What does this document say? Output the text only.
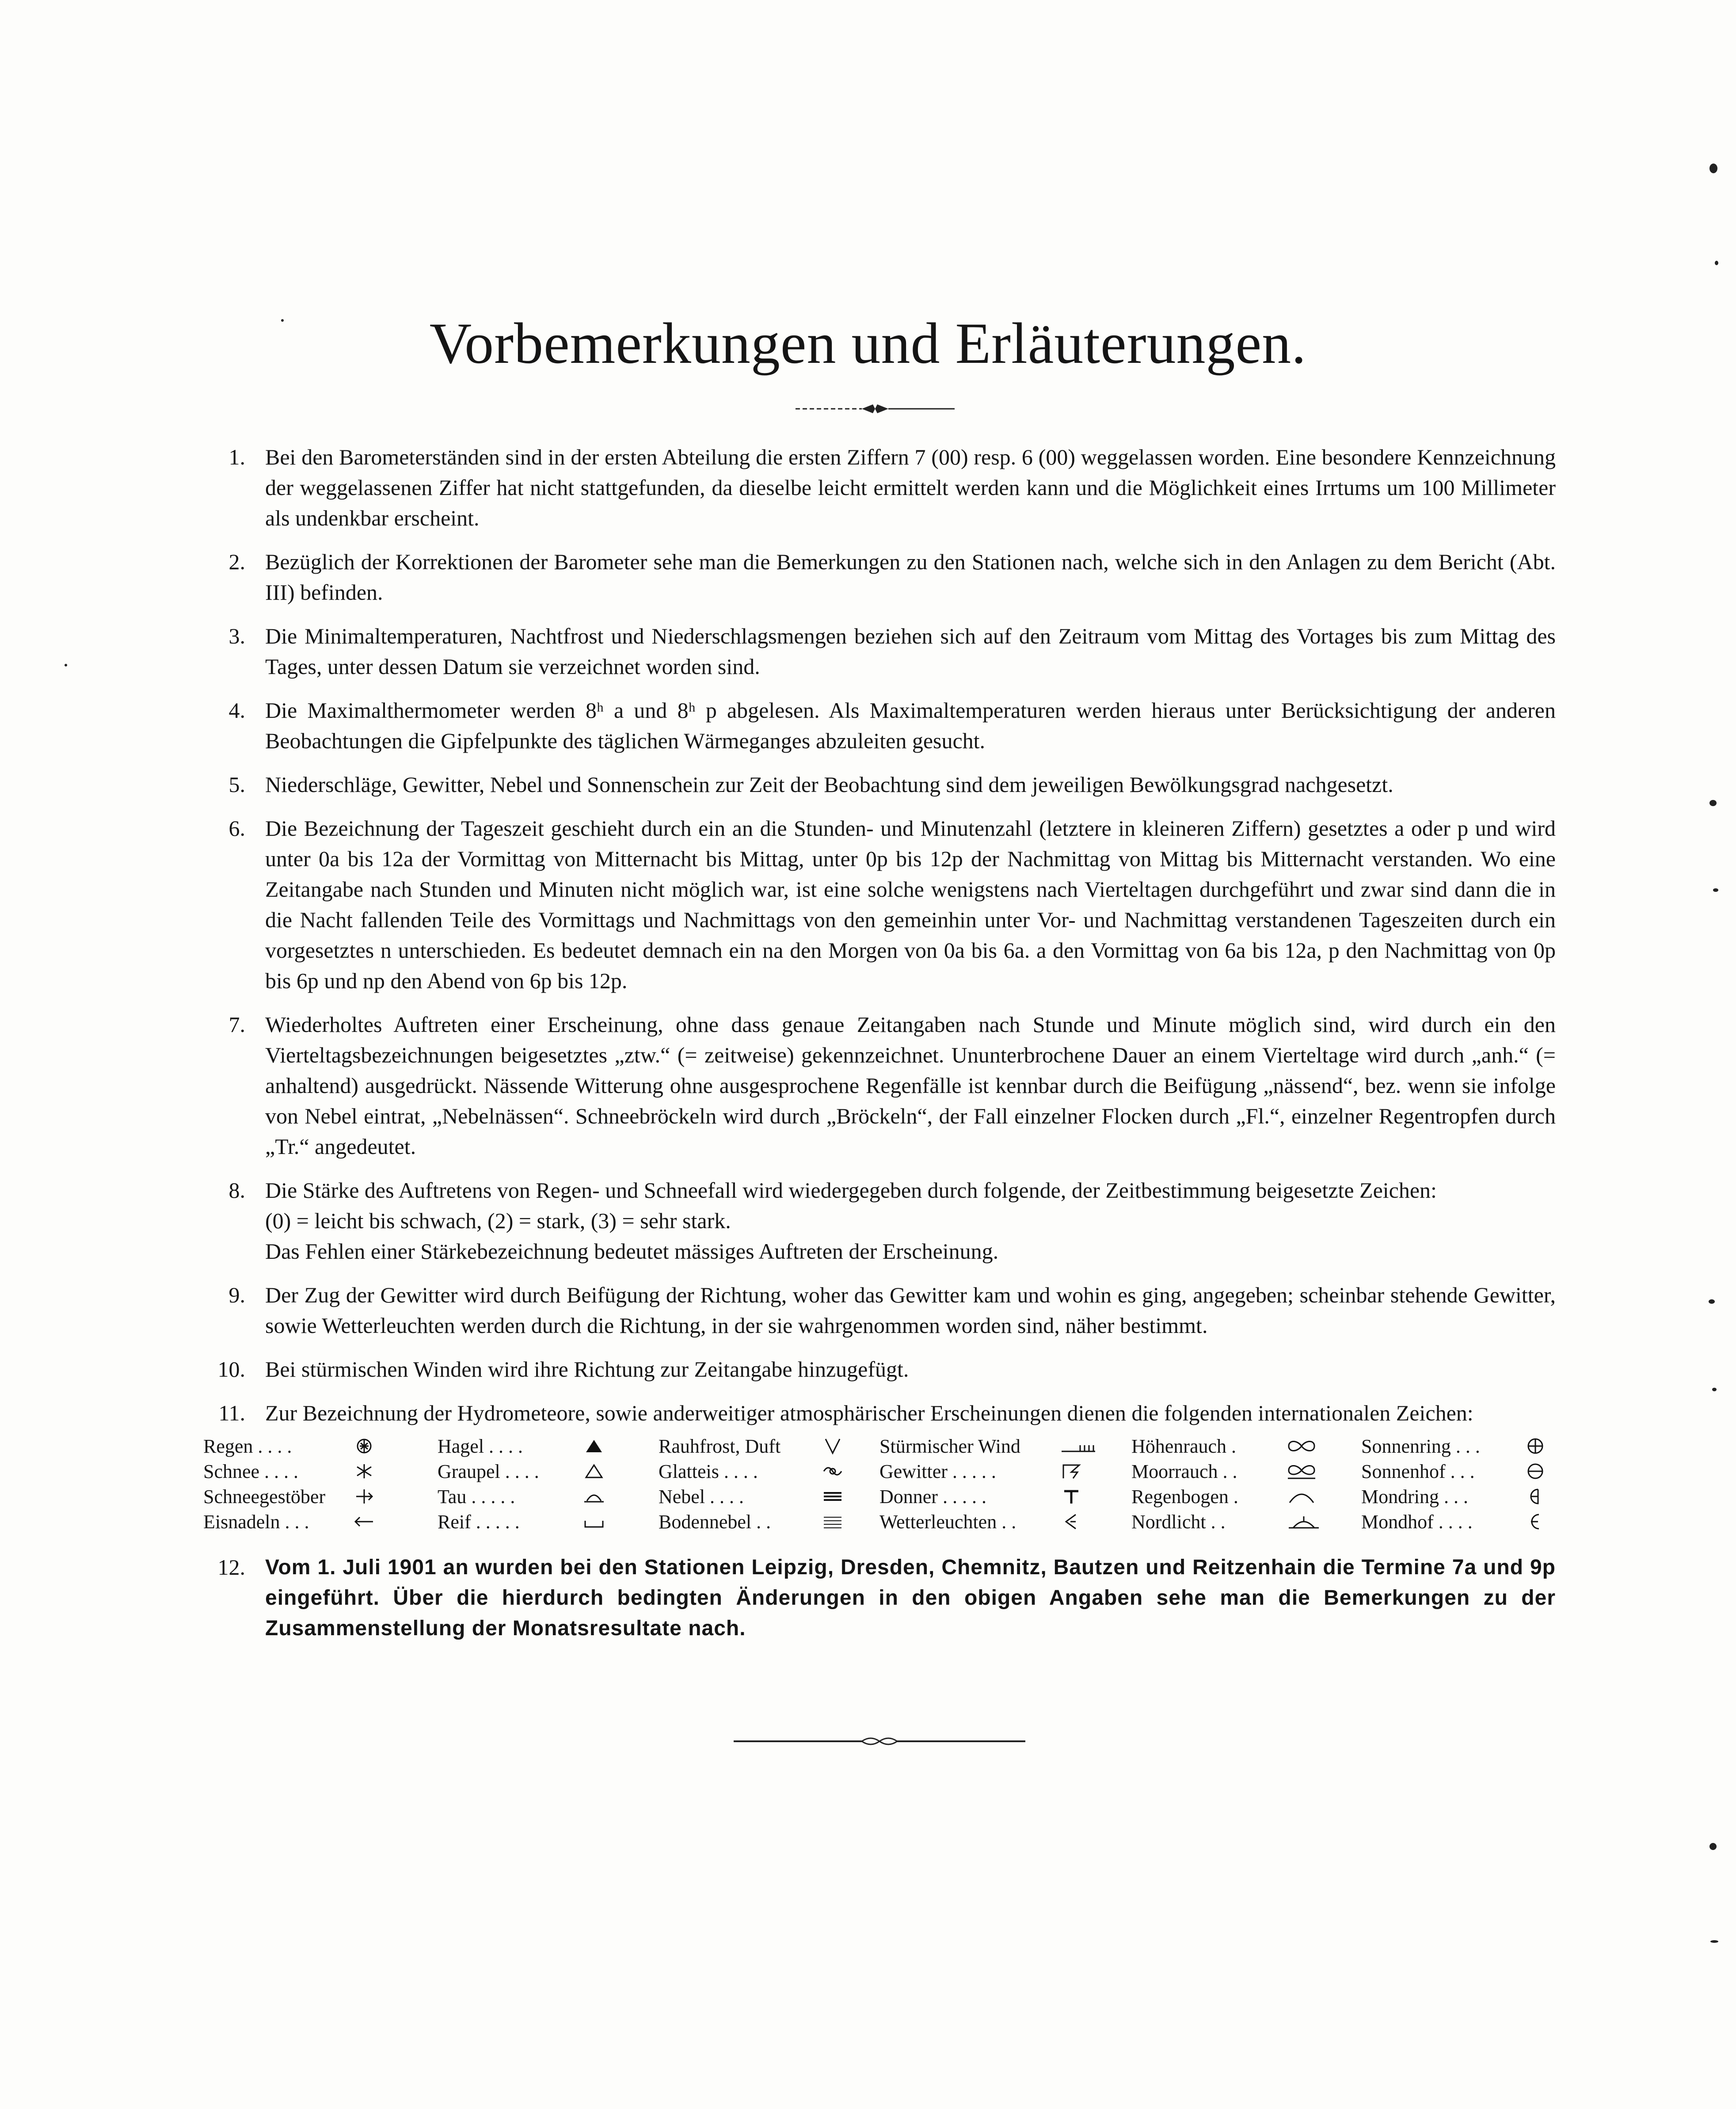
Vorbemerkungen und Erläuterungen.
1. Bei den Barometerständen sind in der ersten Abteilung die ersten Ziffern 7 (00) resp. 6 (00) weggelassen worden. Eine besondere Kennzeichnung der weggelassenen Ziffer hat nicht stattgefunden, da dieselbe leicht ermittelt werden kann und die Möglichkeit eines Irrtums um 100 Millimeter als undenkbar erscheint.

2. Bezüglich der Korrektionen der Barometer sehe man die Bemerkungen zu den Stationen nach, welche sich in den Anlagen zu dem Bericht (Abt. III) befinden.

3. Die Minimaltemperaturen, Nachtfrost und Niederschlagsmengen beziehen sich auf den Zeitraum vom Mittag des Vortages bis zum Mittag des Tages, unter dessen Datum sie verzeichnet worden sind.

4. Die Maximalthermometer werden 8ʰ a und 8ʰ p abgelesen. Als Maximaltemperaturen werden hieraus unter Berücksichtigung der anderen Beobachtungen die Gipfelpunkte des täglichen Wärmeganges abzuleiten gesucht.

5. Niederschläge, Gewitter, Nebel und Sonnenschein zur Zeit der Beobachtung sind dem jeweiligen Bewölkungsgrad nachgesetzt.

6. Die Bezeichnung der Tageszeit geschieht durch ein an die Stunden- und Minutenzahl (letztere in kleineren Ziffern) gesetztes a oder p und wird unter 0a bis 12a der Vormittag von Mitternacht bis Mittag, unter 0p bis 12p der Nachmittag von Mittag bis Mitternacht verstanden. Wo eine Zeitangabe nach Stunden und Minuten nicht möglich war, ist eine solche wenigstens nach Vierteltagen durchgeführt und zwar sind dann die in die Nacht fallenden Teile des Vormittags und Nachmittags von den gemeinhin unter Vor- und Nachmittag verstandenen Tageszeiten durch ein vorgesetztes n unterschieden. Es bedeutet demnach ein na den Morgen von 0a bis 6a. a den Vormittag von 6a bis 12a, p den Nachmittag von 0p bis 6p und np den Abend von 6p bis 12p.

7. Wiederholtes Auftreten einer Erscheinung, ohne dass genaue Zeitangaben nach Stunde und Minute möglich sind, wird durch ein den Vierteltagsbezeichnungen beigesetztes „ztw.“ (= zeitweise) gekennzeichnet. Ununterbrochene Dauer an einem Vierteltage wird durch „anh.“ (= anhaltend) ausgedrückt. Nässende Witterung ohne ausgesprochene Regenfälle ist kennbar durch die Beifügung „nässend“, bez. wenn sie infolge von Nebel eintrat, „Nebelnässen“. Schneebröckeln wird durch „Bröckeln“, der Fall einzelner Flocken durch „Fl.“, einzelner Regentropfen durch „Tr.“ angedeutet.

8. Die Stärke des Auftretens von Regen- und Schneefall wird wiedergegeben durch folgende, der Zeitbestimmung beigesetzte Zeichen:

(0) = leicht bis schwach, (2) = stark, (3) = sehr stark.

Das Fehlen einer Stärkebezeichnung bedeutet mässiges Auftreten der Erscheinung.

9. Der Zug der Gewitter wird durch Beifügung der Richtung, woher das Gewitter kam und wohin es ging, angegeben; scheinbar stehende Gewitter, sowie Wetterleuchten werden durch die Richtung, in der sie wahrgenommen worden sind, näher bestimmt.

10. Bei stürmischen Winden wird ihre Richtung zur Zeitangabe hinzugefügt.

11. Zur Bezeichnung der Hydrometeore, sowie anderweitiger atmosphärischer Erscheinungen dienen die folgenden internationalen Zeichen:

Regen . . . .
Schnee . . . .
Schneegestöber
Eisnadeln . . .
Hagel . . . .
Graupel . . . .
Tau . . . . .
Reif . . . . .
Rauhfrost, Duft
Glatteis . . . .
Nebel . . . .
Bodennebel . .
Stürmischer Wind
Gewitter . . . . .
Donner . . . . .
Wetterleuchten . .
Höhenrauch .
Moorrauch . .
Regenbogen .
Nordlicht . .
Sonnenring . . .
Sonnenhof . . .
Mondring . . .
Mondhof . . . .
12. Vom 1. Juli 1901 an wurden bei den Stationen Leipzig, Dresden, Chemnitz, Bautzen und Reitzenhain die Termine 7a und 9p eingeführt. Über die hierdurch bedingten Änderungen in den obigen Angaben sehe man die Bemerkungen zu der Zusammenstellung der Monatsresultate nach.
